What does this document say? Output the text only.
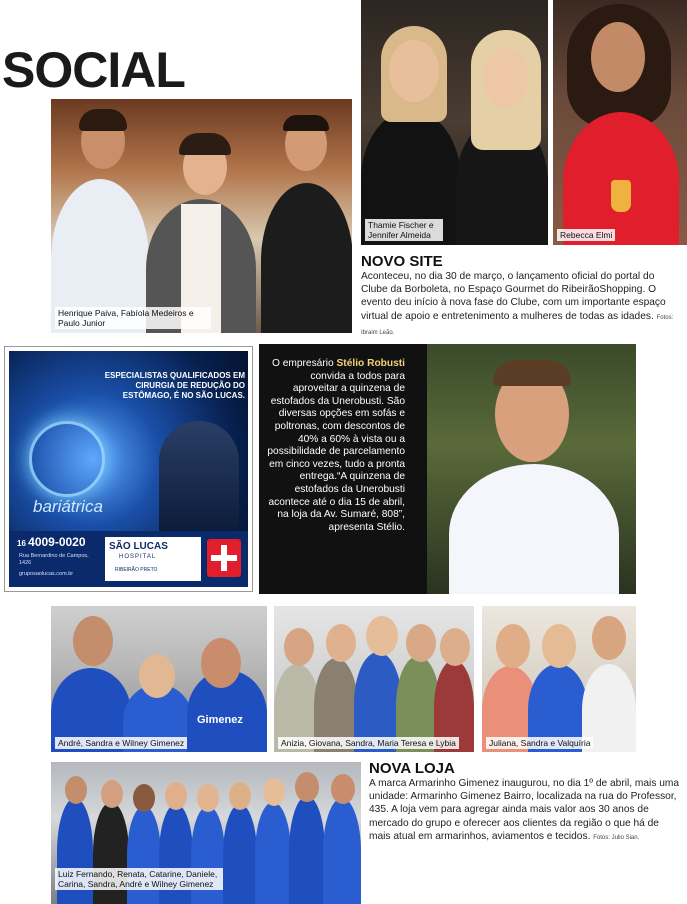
SOCIAL
Henrique Paiva, Fabíola Medeiros e Paulo Junior
Thamie Fischer e Jennifer Almeida	Rebecca Elmi
NOVO SITE
Aconteceu, no dia 30 de março, o lançamento oficial do portal do Clube da Borboleta, no Espaço Gourmet do RibeirãoShopping. O evento deu início à nova fase do Clube, com um importante espaço virtual de apoio e entretenimento a mulheres de todas as idades. Fotos: Ibraim Leão.
ESPECIALISTAS QUALIFICADOS EM CIRURGIA DE REDUÇÃO DO ESTÔMAGO, É NO SÃO LUCAS.
bariátrica
16 4009-0020
Rua Bernardino de Campos, 1426
gruposaolucas.com.br
SÃO LUCAS
HOSPITAL
RIBEIRÃO PRETO
O empresário Stélio Robusti convida a todos para aproveitar a quinzena de estofados da Unerobusti. São diversas opções em sofás e poltronas, com descontos de 40% a 60% à vista ou a possibilidade de parcelamento em cinco vezes, tudo a pronta entrega.“A quinzena de estofados da Unerobusti acontece até o dia 15 de abril, na loja da Av. Sumaré, 808”, apresenta Stélio.
Gimenez
André, Sandra e Wilney Gimenez	Anizia, Giovana, Sandra, Maria Teresa e Lybia	Juliana, Sandra e Valquíria
Luiz Fernando, Renata, Catarine, Daniele, Carina, Sandra, André e Wilney Gimenez
NOVA LOJA
A marca Armarinho Gimenez inaugurou, no dia 1º de abril, mais uma unidade: Armarinho Gimenez Bairro, localizada na rua do Professor, 435. A loja vem para agregar ainda mais valor aos 30 anos de mercado do grupo e oferecer aos clientes da região o que há de mais atual em armarinhos, aviamentos e tecidos. Fotos: Julio Sian.
